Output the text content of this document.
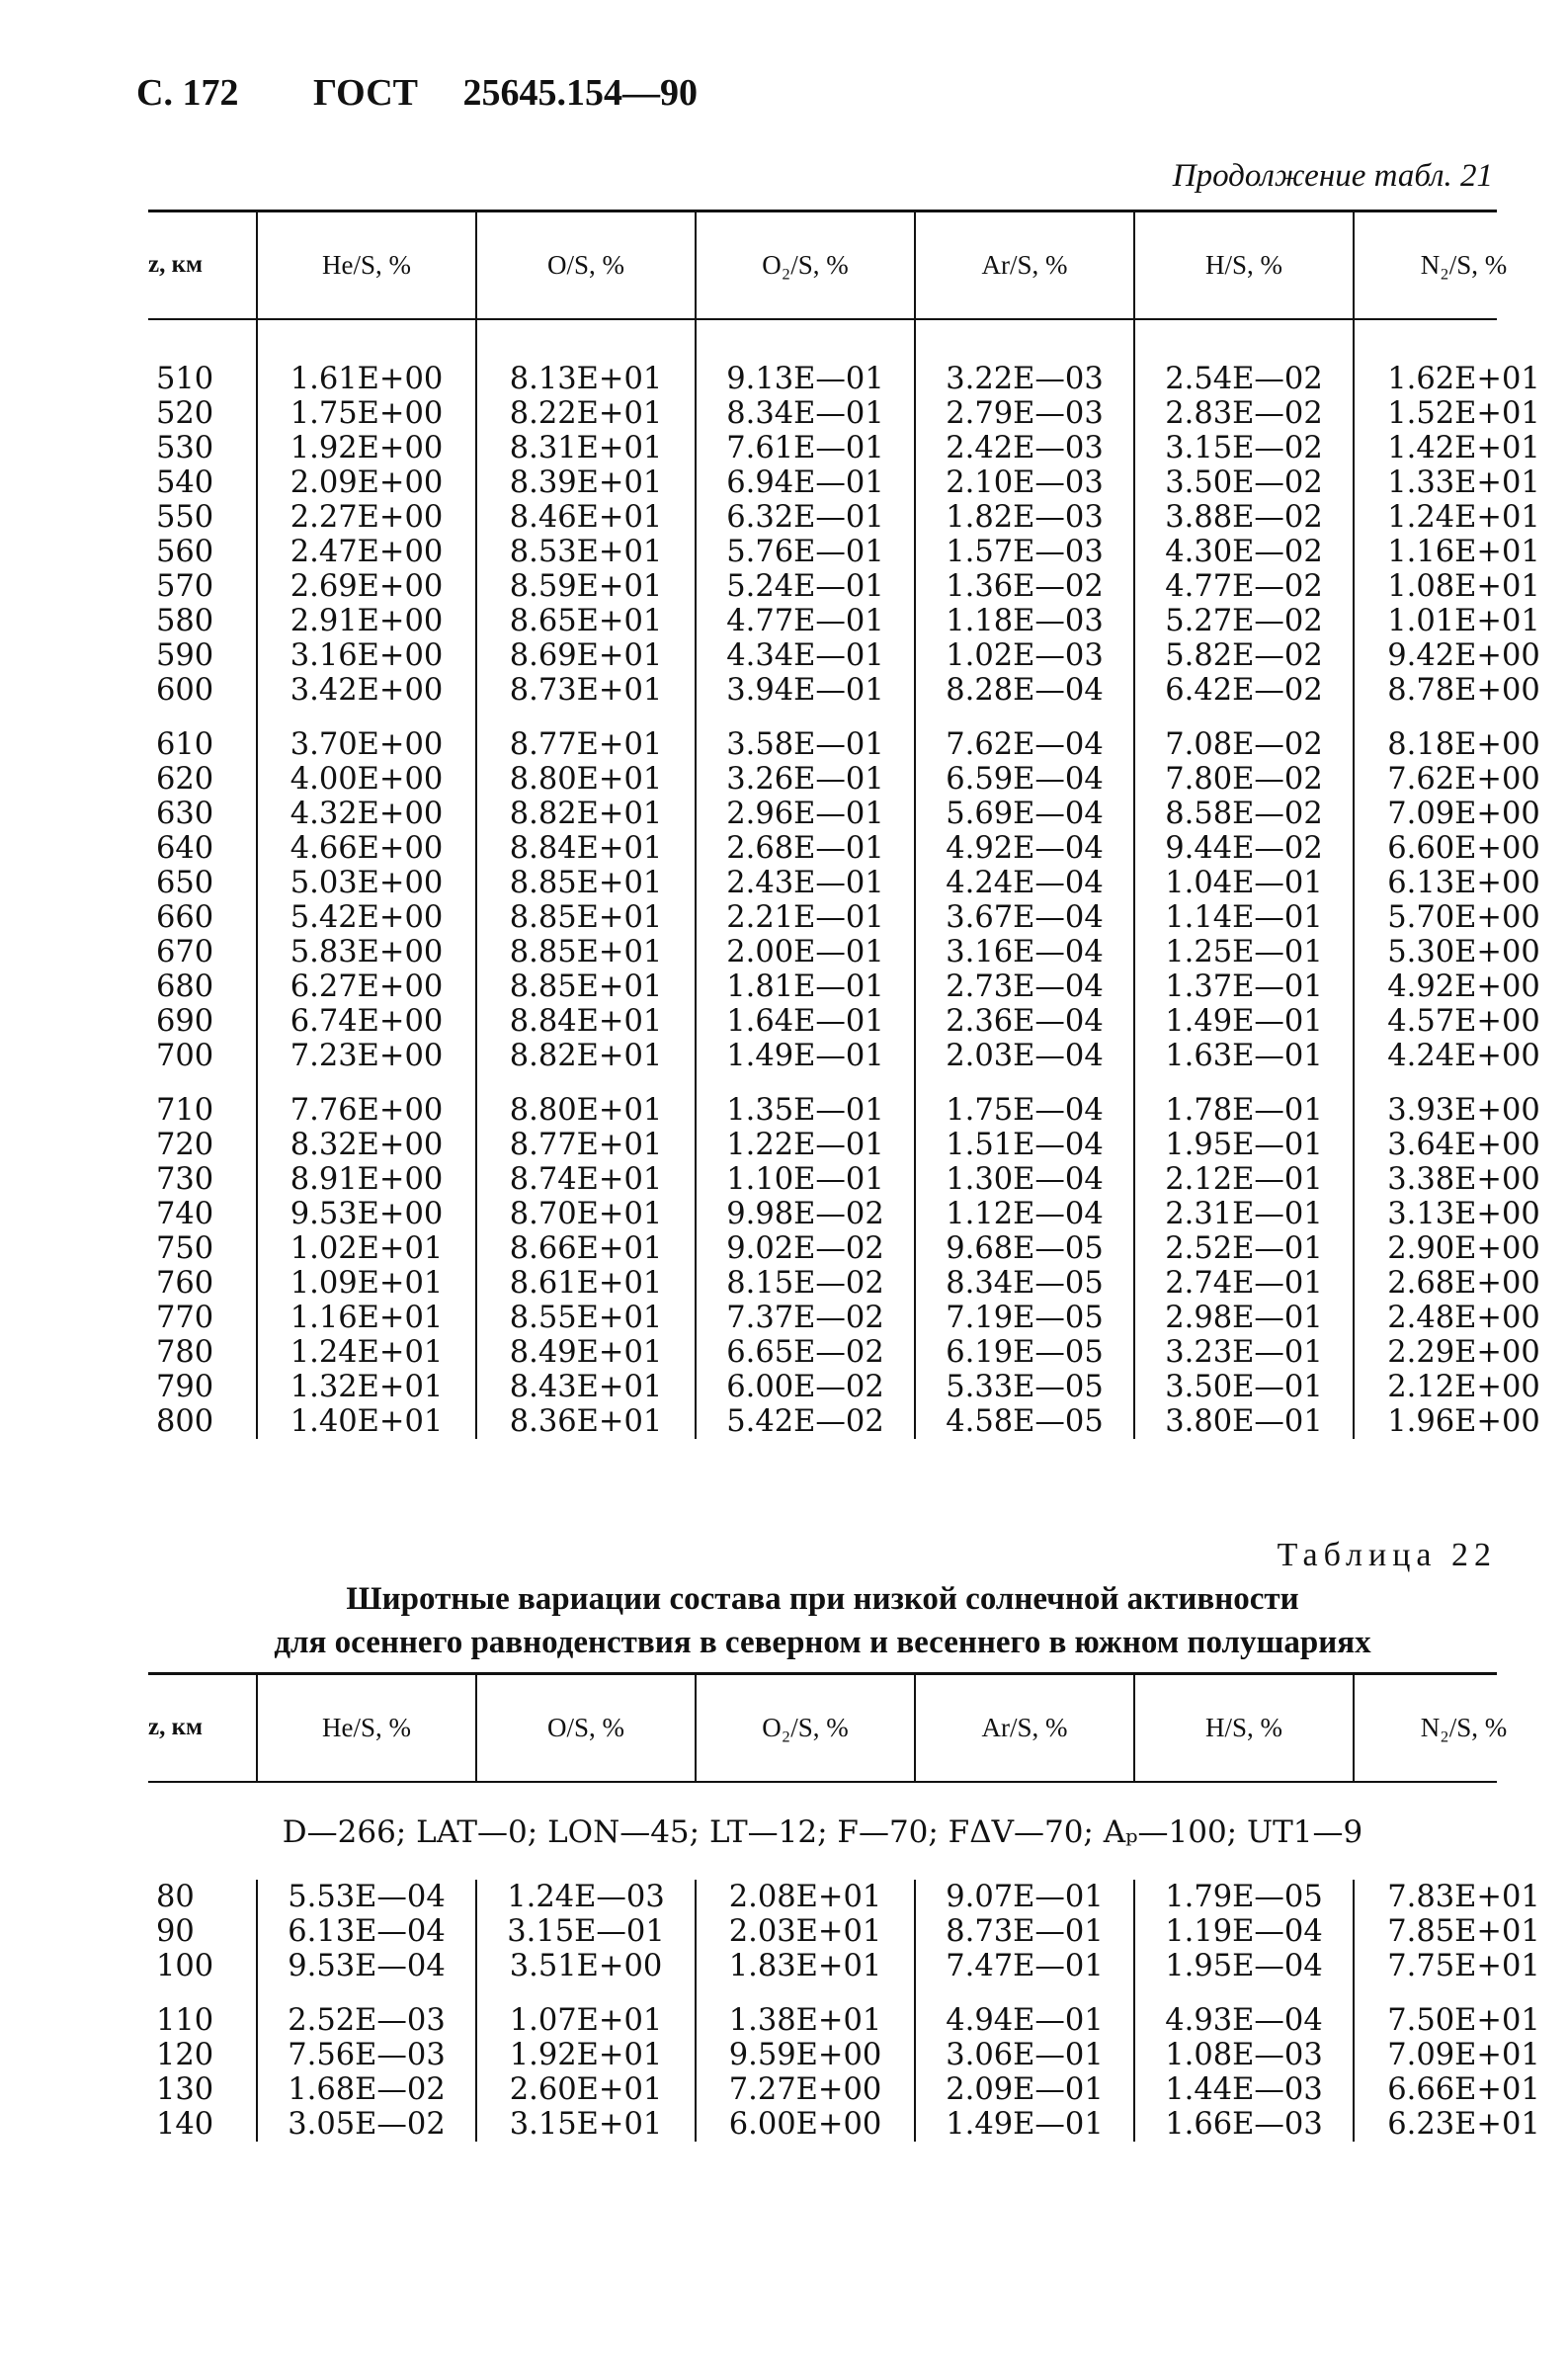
С. 172 ГОСТ 25645.154—90
Продолжение табл. 21
z, км	He/S, %	O/S, %	O₂/S, %	Ar/S, %	H/S, %	N₂/S, %

510	1.61E+00	8.13E+01	9.13E—01	3.22E—03	2.54E—02	1.62E+01
520	1.75E+00	8.22E+01	8.34E—01	2.79E—03	2.83E—02	1.52E+01
530	1.92E+00	8.31E+01	7.61E—01	2.42E—03	3.15E—02	1.42E+01
540	2.09E+00	8.39E+01	6.94E—01	2.10E—03	3.50E—02	1.33E+01
550	2.27E+00	8.46E+01	6.32E—01	1.82E—03	3.88E—02	1.24E+01
560	2.47E+00	8.53E+01	5.76E—01	1.57E—03	4.30E—02	1.16E+01
570	2.69E+00	8.59E+01	5.24E—01	1.36E—02	4.77E—02	1.08E+01
580	2.91E+00	8.65E+01	4.77E—01	1.18E—03	5.27E—02	1.01E+01
590	3.16E+00	8.69E+01	4.34E—01	1.02E—03	5.82E—02	9.42E+00
600	3.42E+00	8.73E+01	3.94E—01	8.28E—04	6.42E—02	8.78E+00

610	3.70E+00	8.77E+01	3.58E—01	7.62E—04	7.08E—02	8.18E+00
620	4.00E+00	8.80E+01	3.26E—01	6.59E—04	7.80E—02	7.62E+00
630	4.32E+00	8.82E+01	2.96E—01	5.69E—04	8.58E—02	7.09E+00
640	4.66E+00	8.84E+01	2.68E—01	4.92E—04	9.44E—02	6.60E+00
650	5.03E+00	8.85E+01	2.43E—01	4.24E—04	1.04E—01	6.13E+00
660	5.42E+00	8.85E+01	2.21E—01	3.67E—04	1.14E—01	5.70E+00
670	5.83E+00	8.85E+01	2.00E—01	3.16E—04	1.25E—01	5.30E+00
680	6.27E+00	8.85E+01	1.81E—01	2.73E—04	1.37E—01	4.92E+00
690	6.74E+00	8.84E+01	1.64E—01	2.36E—04	1.49E—01	4.57E+00
700	7.23E+00	8.82E+01	1.49E—01	2.03E—04	1.63E—01	4.24E+00

710	7.76E+00	8.80E+01	1.35E—01	1.75E—04	1.78E—01	3.93E+00
720	8.32E+00	8.77E+01	1.22E—01	1.51E—04	1.95E—01	3.64E+00
730	8.91E+00	8.74E+01	1.10E—01	1.30E—04	2.12E—01	3.38E+00
740	9.53E+00	8.70E+01	9.98E—02	1.12E—04	2.31E—01	3.13E+00
750	1.02E+01	8.66E+01	9.02E—02	9.68E—05	2.52E—01	2.90E+00
760	1.09E+01	8.61E+01	8.15E—02	8.34E—05	2.74E—01	2.68E+00
770	1.16E+01	8.55E+01	7.37E—02	7.19E—05	2.98E—01	2.48E+00
780	1.24E+01	8.49E+01	6.65E—02	6.19E—05	3.23E—01	2.29E+00
790	1.32E+01	8.43E+01	6.00E—02	5.33E—05	3.50E—01	2.12E+00
800	1.40E+01	8.36E+01	5.42E—02	4.58E—05	3.80E—01	1.96E+00
Таблица 22
Широтные вариации состава при низкой солнечной активности
для осеннего равноденствия в северном и весеннего в южном полушариях
z, км	He/S, %	O/S, %	O₂/S, %	Ar/S, %	H/S, %	N₂/S, %
D—266; LAT—0; LON—45; LT—12; F—70; FΔV—70; Aₚ—100; UT1—9
80	5.53E—04	1.24E—03	2.08E+01	9.07E—01	1.79E—05	7.83E+01
90	6.13E—04	3.15E—01	2.03E+01	8.73E—01	1.19E—04	7.85E+01
100	9.53E—04	3.51E+00	1.83E+01	7.47E—01	1.95E—04	7.75E+01

110	2.52E—03	1.07E+01	1.38E+01	4.94E—01	4.93E—04	7.50E+01
120	7.56E—03	1.92E+01	9.59E+00	3.06E—01	1.08E—03	7.09E+01
130	1.68E—02	2.60E+01	7.27E+00	2.09E—01	1.44E—03	6.66E+01
140	3.05E—02	3.15E+01	6.00E+00	1.49E—01	1.66E—03	6.23E+01
